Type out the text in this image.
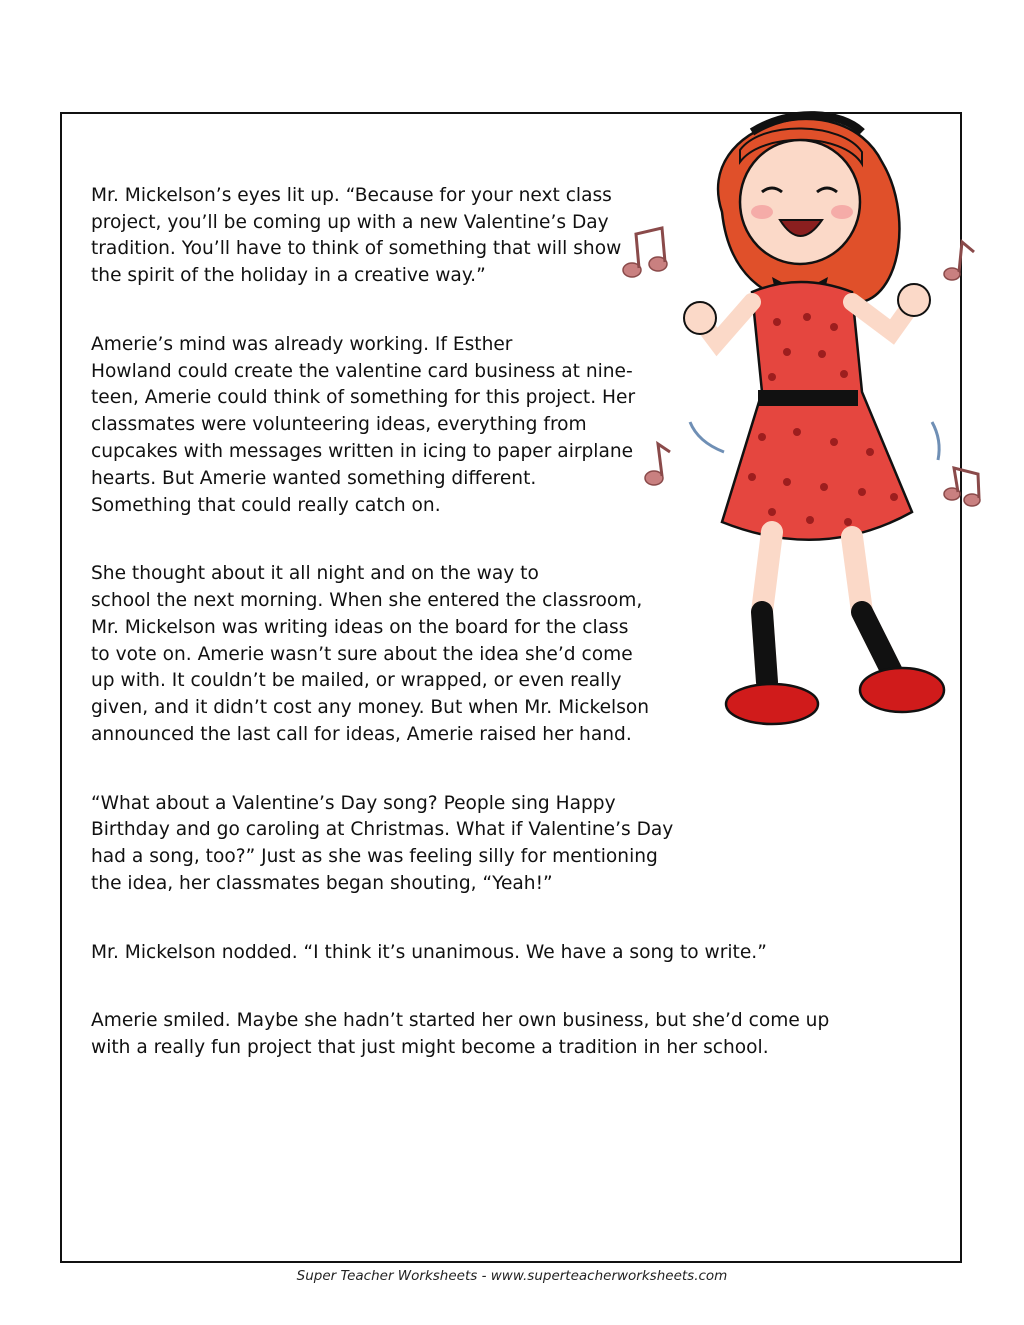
Mr. Mickelson’s eyes lit up. “Because for your next class
project, you’ll be coming up with a new Valentine’s Day
tradition. You’ll have to think of something that will show
the spirit of the holiday in a creative way.”

Amerie’s mind was already working. If Esther
Howland could create the valentine card business at nine-
teen, Amerie could think of something for this project. Her
classmates were volunteering ideas, everything from
cupcakes with messages written in icing to paper airplane
hearts. But Amerie wanted something different.
Something that could really catch on.

She thought about it all night and on the way to
school the next morning. When she entered the classroom,
Mr. Mickelson was writing ideas on the board for the class
to vote on. Amerie wasn’t sure about the idea she’d come
up with. It couldn’t be mailed, or wrapped, or even really
given, and it didn’t cost any money. But when Mr. Mickelson
announced the last call for ideas, Amerie raised her hand.

“What about a Valentine’s Day song? People sing Happy
Birthday and go caroling at Christmas. What if Valentine’s Day
had a song, too?” Just as she was feeling silly for mentioning
the idea, her classmates began shouting, “Yeah!”

Mr. Mickelson nodded. “I think it’s unanimous. We have a song to write.”

Amerie smiled. Maybe she hadn’t started her own business, but she’d come up
with a really fun project that just might become a tradition in her school.

Super Teacher Worksheets - www.superteacherworksheets.com
